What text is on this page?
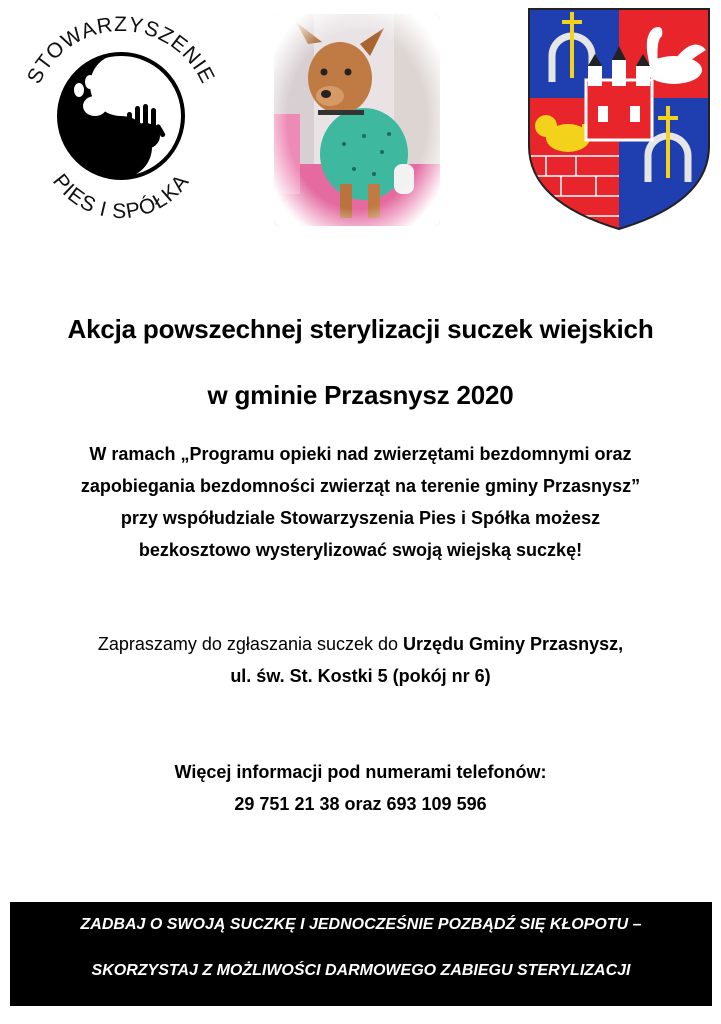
STOWARZYSZENIE
PIES I SPÓŁKA
Akcja powszechnej sterylizacji suczek wiejskich
w gminie Przasnysz 2020
W ramach „Programu opieki nad zwierzętami bezdomnymi oraz
zapobiegania bezdomności zwierząt na terenie gminy Przasnysz”
przy współudziale Stowarzyszenia Pies i Spółka możesz
bezkosztowo wysterylizować swoją wiejską suczkę!
Zapraszamy do zgłaszania suczek do Urzędu Gminy Przasnysz,
ul. św. St. Kostki 5 (pokój nr 6)
Więcej informacji pod numerami telefonów:
29 751 21 38 oraz 693 109 596
ZADBAJ O SWOJĄ SUCZKĘ I JEDNOCZEŚNIE POZBĄDŹ SIĘ KŁOPOTU –
SKORZYSTAJ Z MOŻLIWOŚCI DARMOWEGO ZABIEGU STERYLIZACJI
